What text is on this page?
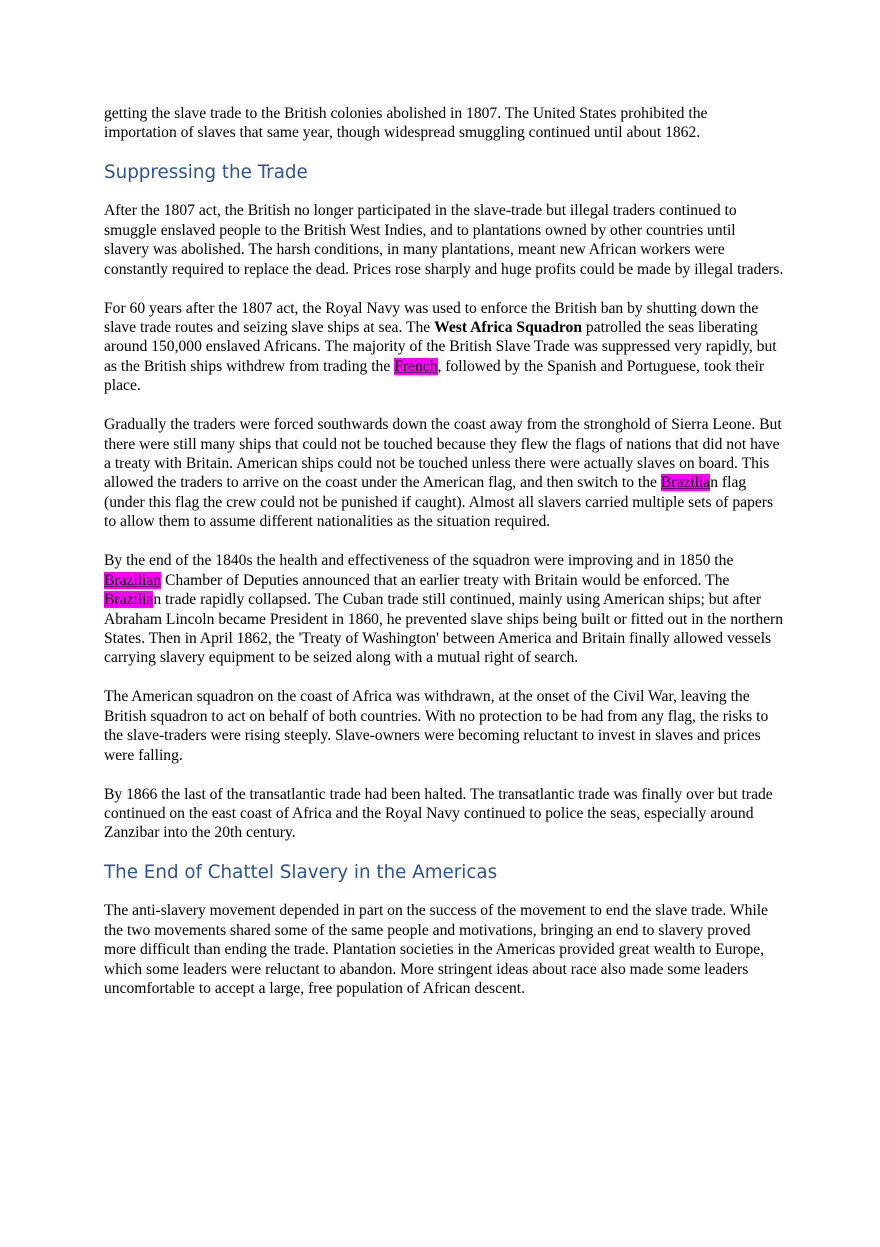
getting the slave trade to the British colonies abolished in 1807. The United States prohibited the importation of slaves that same year, though widespread smuggling continued until about 1862.

Suppressing the Trade

After the 1807 act, the British no longer participated in the slave-trade but illegal traders continued to smuggle enslaved people to the British West Indies, and to plantations owned by other countries until slavery was abolished. The harsh conditions, in many plantations, meant new African workers were constantly required to replace the dead. Prices rose sharply and huge profits could be made by illegal traders.

For 60 years after the 1807 act, the Royal Navy was used to enforce the British ban by shutting down the slave trade routes and seizing slave ships at sea. The West Africa Squadron patrolled the seas liberating around 150,000 enslaved Africans. The majority of the British Slave Trade was suppressed very rapidly, but as the British ships withdrew from trading the French, followed by the Spanish and Portuguese, took their place.

Gradually the traders were forced southwards down the coast away from the stronghold of Sierra Leone. But there were still many ships that could not be touched because they flew the flags of nations that did not have a treaty with Britain. American ships could not be touched unless there were actually slaves on board. This allowed the traders to arrive on the coast under the American flag, and then switch to the Brazilian flag (under this flag the crew could not be punished if caught). Almost all slavers carried multiple sets of papers to allow them to assume different nationalities as the situation required.

By the end of the 1840s the health and effectiveness of the squadron were improving and in 1850 the Brazilian Chamber of Deputies announced that an earlier treaty with Britain would be enforced. The Brazilian trade rapidly collapsed. The Cuban trade still continued, mainly using American ships; but after Abraham Lincoln became President in 1860, he prevented slave ships being built or fitted out in the northern States. Then in April 1862, the 'Treaty of Washington' between America and Britain finally allowed vessels carrying slavery equipment to be seized along with a mutual right of search.

The American squadron on the coast of Africa was withdrawn, at the onset of the Civil War, leaving the British squadron to act on behalf of both countries. With no protection to be had from any flag, the risks to the slave-traders were rising steeply. Slave-owners were becoming reluctant to invest in slaves and prices were falling.

By 1866 the last of the transatlantic trade had been halted. The transatlantic trade was finally over but trade continued on the east coast of Africa and the Royal Navy continued to police the seas, especially around Zanzibar into the 20th century.

The End of Chattel Slavery in the Americas

The anti-slavery movement depended in part on the success of the movement to end the slave trade. While the two movements shared some of the same people and motivations, bringing an end to slavery proved more difficult than ending the trade. Plantation societies in the Americas provided great wealth to Europe, which some leaders were reluctant to abandon. More stringent ideas about race also made some leaders uncomfortable to accept a large, free population of African descent.
